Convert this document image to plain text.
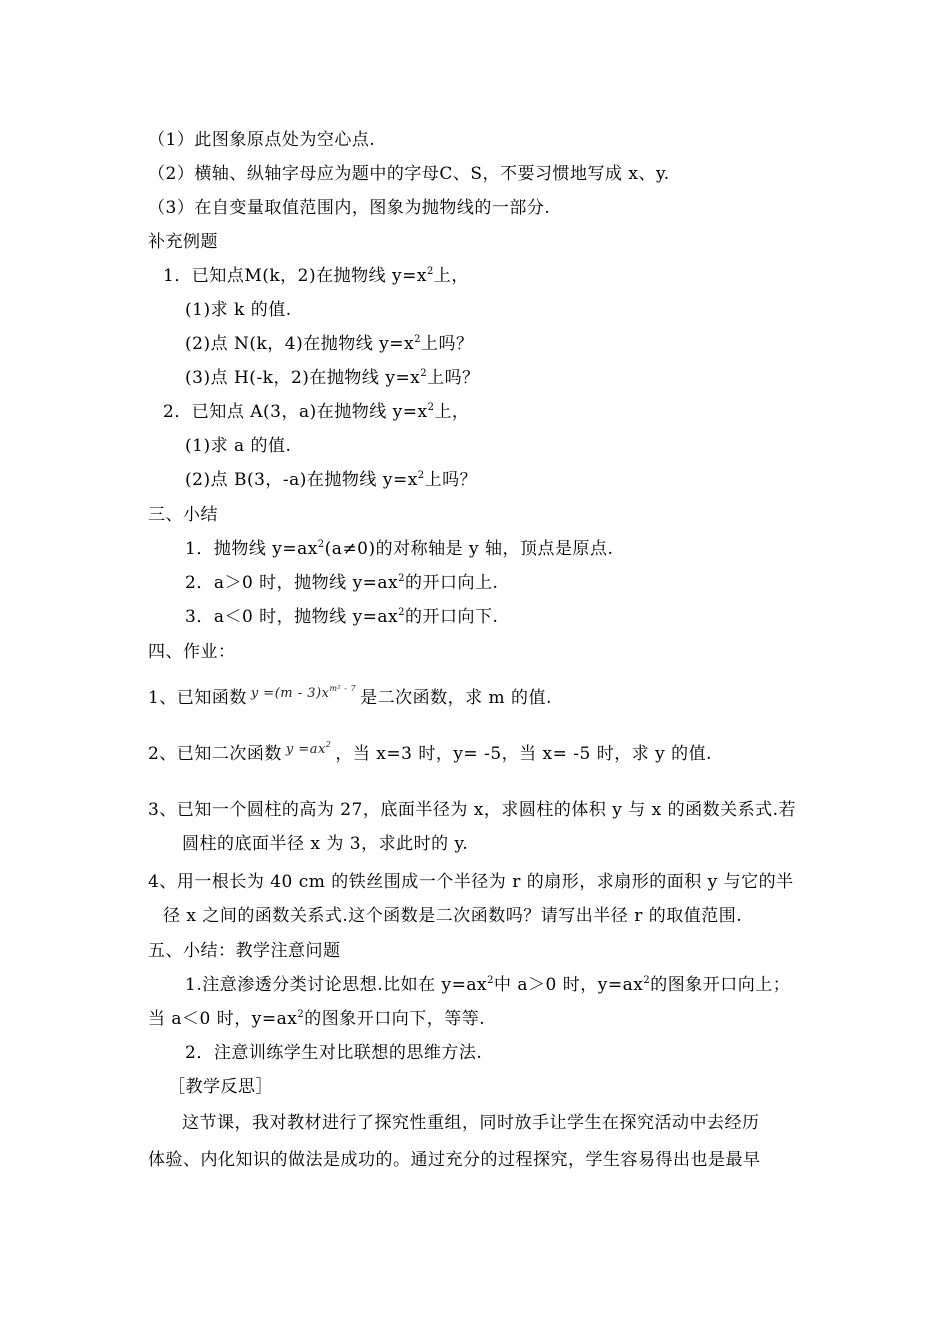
（1）此图象原点处为空心点.
（2）横轴、纵轴字母应为题中的字母C、S，不要习惯地写成 x、y.
（3）在自变量取值范围内，图象为抛物线的一部分.
补充例题
1．已知点M(k，2)在抛物线 $y=x^2$上，
(1)求 k 的值.
(2)点 N(k，4)在抛物线 $y=x^2$上吗？
(3)点 H(-k，2)在抛物线 $y=x^2$上吗？
2．已知点 A(3，a)在抛物线 $y=x^2$上，
(1)求 a 的值.
(2)点 B(3，-a)在抛物线 $y=x^2$上吗？
三、小结
1．抛物线 $y=ax^2(a\ne 0)$的对称轴是 y 轴，顶点是原点.
2．a＞0 时，抛物线 $y=ax^2$的开口向上.
3．a＜0 时，抛物线 $y=ax^2$的开口向下.
四、作业：
1、已知函数 $y =(m - 3)x^{m^2 - 7}$ 是二次函数，求 m 的值.
2、已知二次函数 $y =ax^2$ ，当 x=3 时，y= -5，当 x= -5 时，求 y 的值.
3、已知一个圆柱的高为 27，底面半径为 x，求圆柱的体积 y 与 x 的函数关系式.若
圆柱的底面半径 x 为 3，求此时的 y.
4、用一根长为 40 cm 的铁丝围成一个半径为 r 的扇形，求扇形的面积 y 与它的半
径 x 之间的函数关系式.这个函数是二次函数吗？请写出半径 r 的取值范围.
五、小结：教学注意问题
1.注意渗透分类讨论思想.比如在 $y=ax^2$中 a＞0 时，$y=ax^2$的图象开口向上；
当 a＜0 时，$y=ax^2$的图象开口向下，等等.
2．注意训练学生对比联想的思维方法.
［教学反思］
这节课，我对教材进行了探究性重组，同时放手让学生在探究活动中去经历
体验、内化知识的做法是成功的。通过充分的过程探究，学生容易得出也是最早
